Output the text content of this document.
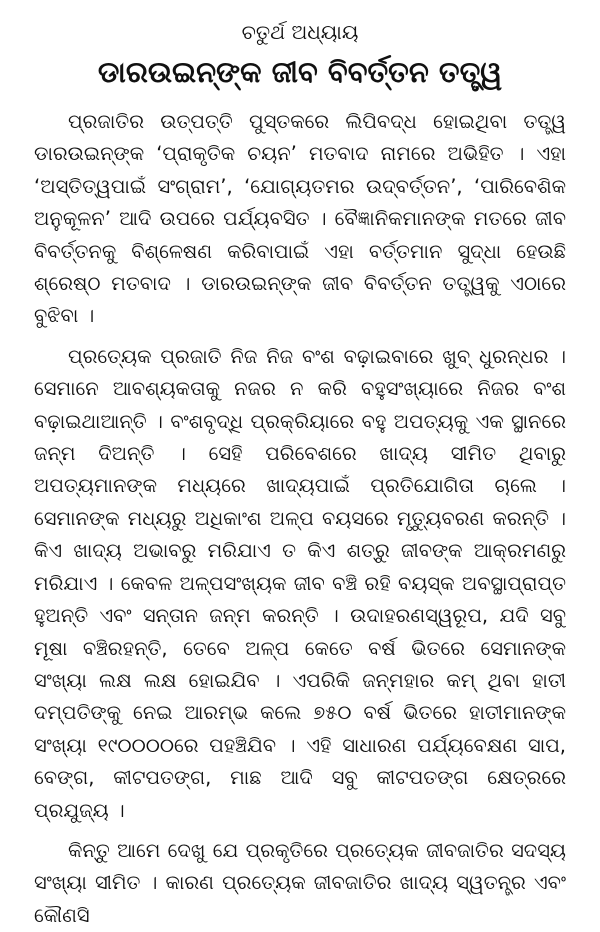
ଚତୁର୍ଥ ଅଧ୍ୟାୟ
ଡାରଉଇନ୍‌ଙ୍କ ଜୀବ ବିବର୍ତ୍ତନ ତତ୍ତ୍ୱ

ପ୍ରଜାତିର ଉତ୍ପତ୍ତି ପୁସ୍ତକରେ ଲିପିବଦ୍ଧ ହୋଇଥିବା ତତ୍ତ୍ୱ ଡାରଉଇନ୍‌ଙ୍କ ‘ପ୍ରାକୃତିକ ଚୟନ’ ମତବାଦ ନାମରେ ଅଭିହିତ । ଏହା ‘ଅସ୍ତିତ୍ୱପାଇଁ ସଂଗ୍ରାମ’, ‘ଯୋଗ୍ୟତମର ଉଦ୍‌ବର୍ତ୍ତନ’, ‘ପାରିବେଶିକ ଅନୁକୂଳନ’ ଆଦି ଉପରେ ପର୍ଯ୍ୟବସିତ । ବୈଜ୍ଞାନିକମାନଙ୍କ ମତରେ ଜୀବ ବିବର୍ତ୍ତନକୁ ବିଶ୍ଳେଷଣ କରିବାପାଇଁ ଏହା ବର୍ତ୍ତମାନ ସୁଦ୍ଧା ହେଉଛି ଶ୍ରେଷ୍ଠ ମତବାଦ । ଡାରଉଇନ୍‌ଙ୍କ ଜୀବ ବିବର୍ତ୍ତନ ତତ୍ତ୍ୱକୁ ଏଠାରେ ବୁଝିବା ।

ପ୍ରତ୍ୟେକ ପ୍ରଜାତି ନିଜ ନିଜ ବଂଶ ବଢ଼ାଇବାରେ ଖୁବ୍ ଧୁରନ୍ଧର । ସେମାନେ ଆବଶ୍ୟକତାକୁ ନଜର ନ କରି ବହୁସଂଖ୍ୟାରେ ନିଜର ବଂଶ ବଢ଼ାଇଥାଆନ୍ତି । ବଂଶବୃଦ୍ଧି ପ୍ରକ୍ରିୟାରେ ବହୁ ଅପତ୍ୟକୁ ଏକ ସ୍ଥାନରେ ଜନ୍ମ ଦିଅନ୍ତି । ସେହି ପରିବେଶରେ ଖାଦ୍ୟ ସୀମିତ ଥିବାରୁ ଅପତ୍ୟମାନଙ୍କ ମଧ୍ୟରେ ଖାଦ୍ୟପାଇଁ ପ୍ରତିଯୋଗିତା ଚାଲେ । ସେମାନଙ୍କ ମଧ୍ୟରୁ ଅଧିକାଂଶ ଅଳ୍ପ ବୟସରେ ମୃତ୍ୟୁବରଣ କରନ୍ତି । କିଏ ଖାଦ୍ୟ ଅଭାବରୁ ମରିଯାଏ ତ କିଏ ଶତ୍ରୁ ଜୀବଙ୍କ ଆକ୍ରମଣରୁ ମରିଯାଏ । କେବଳ ଅଳ୍ପସଂଖ୍ୟକ ଜୀବ ବଞ୍ଚି ରହି ବୟସ୍କ ଅବସ୍ଥାପ୍ରାପ୍ତ ହୁଅନ୍ତି ଏବଂ ସନ୍ତାନ ଜନ୍ମ କରନ୍ତି । ଉଦାହରଣସ୍ୱରୂପ, ଯଦି ସବୁ ମୂଷା ବଞ୍ଚିରହନ୍ତି, ତେବେ ଅଳ୍ପ କେତେ ବର୍ଷ ଭିତରେ ସେମାନଙ୍କ ସଂଖ୍ୟା ଲକ୍ଷ ଲକ୍ଷ ହୋଇଯିବ । ଏପରିକି ଜନ୍ମହାର କମ୍ ଥିବା ହାତୀ ଦମ୍ପତିଙ୍କୁ ନେଇ ଆରମ୍ଭ କଲେ ୭୫୦ ବର୍ଷ ଭିତରେ ହାତୀମାନଙ୍କ ସଂଖ୍ୟା ୧୯୦୦୦୦ରେ ପହଞ୍ଚିଯିବ । ଏହି ସାଧାରଣ ପର୍ଯ୍ୟବେକ୍ଷଣ ସାପ, ବେଙ୍ଗ, କୀଟପତଙ୍ଗ, ମାଛ ଆଦି ସବୁ କୀଟପତଙ୍ଗ କ୍ଷେତ୍ରରେ ପ୍ରଯୁଜ୍ୟ ।

କିନ୍ତୁ ଆମେ ଦେଖୁ ଯେ ପ୍ରକୃତିରେ ପ୍ରତ୍ୟେକ ଜୀବଜାତିର ସଦସ୍ୟ ସଂଖ୍ୟା ସୀମିତ । କାରଣ ପ୍ରତ୍ୟେକ ଜୀବଜାତିର ଖାଦ୍ୟ ସ୍ୱତନ୍ତ୍ର ଏବଂ କୌଣସି
